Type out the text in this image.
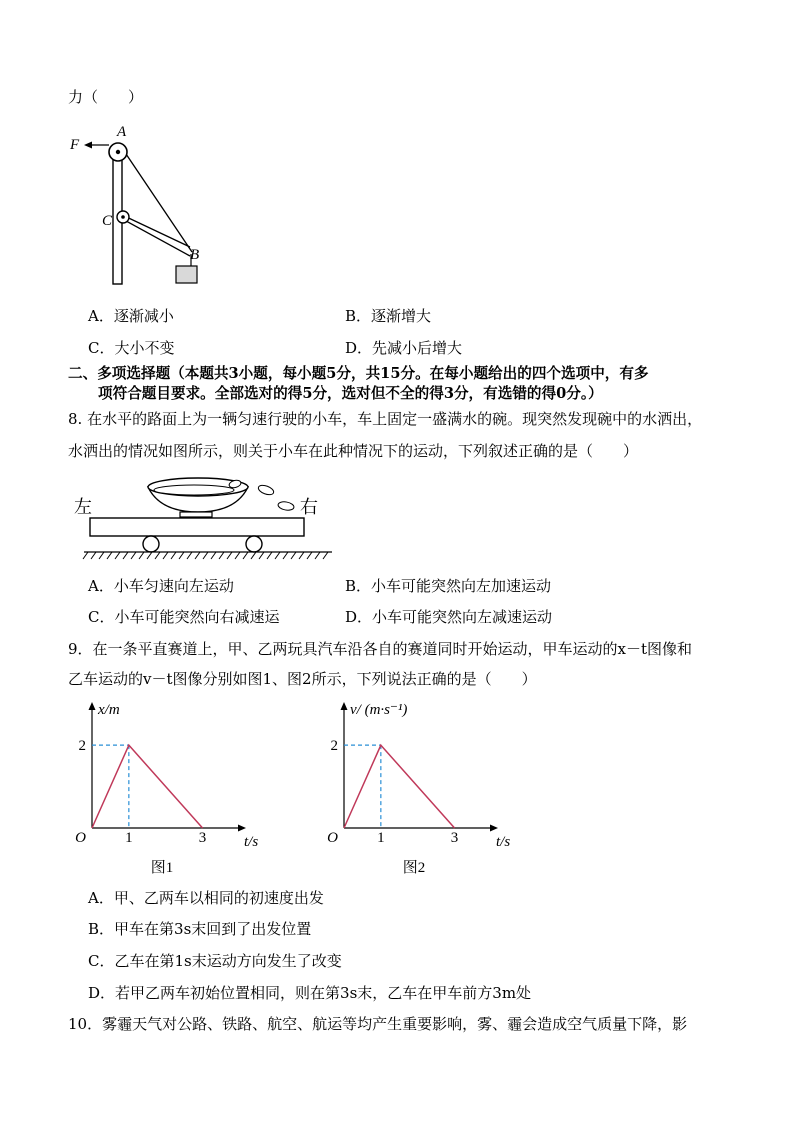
力（　　）
F
A
C
B
A．逐渐减小	B．逐渐增大
C．大小不变	D．先减小后增大
二、多项选择题（本题共3小题，每小题5分，共15分。在每小题给出的四个选项中，有多
项符合题目要求。全部选对的得5分，选对但不全的得3分，有选错的得0分。）
8. 在水平的路面上为一辆匀速行驶的小车，车上固定一盛满水的碗。现突然发现碗中的水洒出，
水洒出的情况如图所示，则关于小车在此种情况下的运动，下列叙述正确的是（　　）
左	右
A．小车匀速向左运动	B．小车可能突然向左加速运动
C．小车可能突然向右减速运	D．小车可能突然向左减速运动
9．在一条平直赛道上，甲、乙两玩具汽车沿各自的赛道同时开始运动，甲车运动的x－t图像和
乙车运动的v－t图像分别如图1、图2所示，下列说法正确的是（　　）
O	1	3
2
t/s
x/m
图1
O	1	3
2
t/s
v/ (m·s⁻¹)
图2
A．甲、乙两车以相同的初速度出发
B．甲车在第3s末回到了出发位置
C．乙车在第1s末运动方向发生了改变
D．若甲乙两车初始位置相同，则在第3s末，乙车在甲车前方3m处
10．雾霾天气对公路、铁路、航空、航运等均产生重要影响，雾、霾会造成空气质量下降，影
